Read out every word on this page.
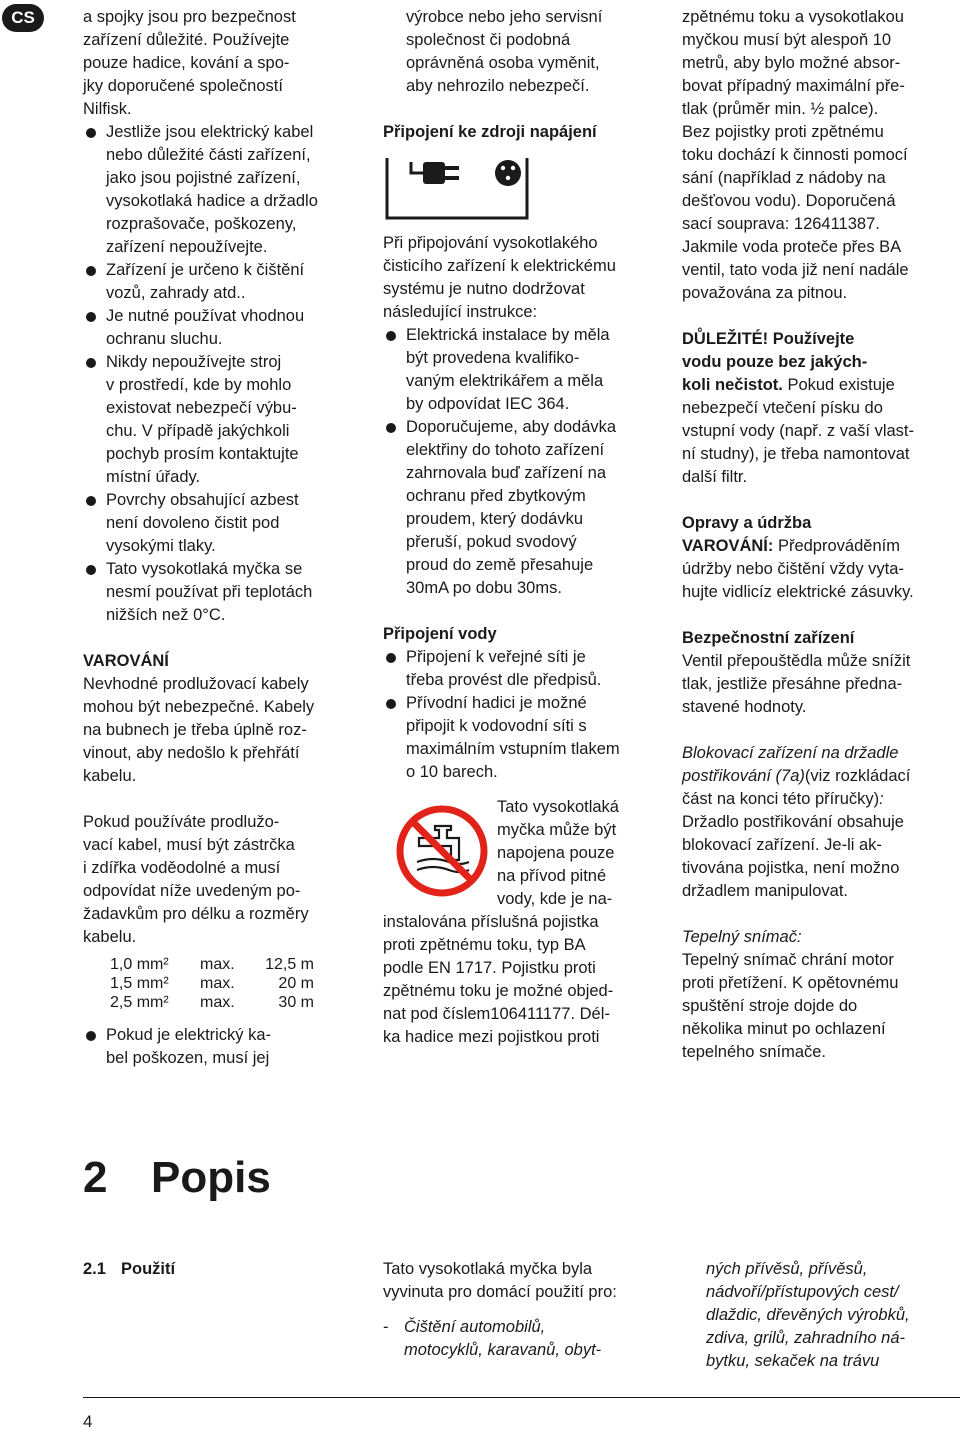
CS	a spojky jsou pro bezpečnost
zařízení důležité. Používejte
pouze hadice, kování a spo-
jky doporučené společností
Nilfisk.

Jestliže jsou elektrický kabel
nebo důležité části zařízení,
jako jsou pojistné zařízení,
vysokotlaká hadice a držadlo
rozprašovače, poškozeny,
zařízení nepoužívejte.
Zařízení je určeno k čištění
vozů, zahrady atd..
Je nutné používat vhodnou
ochranu sluchu.
Nikdy nepoužívejte stroj
v prostředí, kde by mohlo
existovat nebezpečí výbu-
chu. V případě jakýchkoli
pochyb prosím kontaktujte
místní úřady.
Povrchy obsahující azbest
není dovoleno čistit pod
vysokými tlaky.
Tato vysokotlaká myčka se
nesmí používat při teplotách
nižších než 0°C.

VAROVÁNÍ

Nevhodné prodlužovací kabely
mohou být nebezpečné. Kabely
na bubnech je třeba úplně roz-
vinout, aby nedošlo k přehřátí
kabelu.

Pokud používáte prodlužo-
vací kabel, musí být zástrčka
i zdířka voděodolné a musí
odpovídat níže uvedeným po-
žadavkům pro délku a rozměry
kabelu.

1,0 mm²	max.	12,5 m
1,5 mm²	max.	20 m
2,5 mm²	max.	30 m
Pokud je elektrický ka-
bel poškozen, musí jej

výrobce nebo jeho servisní
společnost či podobná
oprávněná osoba vyměnit,
aby nehrozilo nebezpečí.

Připojení ke zdroji napájení

Při připojování vysokotlakého
čisticího zařízení k elektrickému
systému je nutno dodržovat
následující instrukce:

Elektrická instalace by měla
být provedena kvalifiko-
vaným elektrikářem a měla
by odpovídat IEC 364.
Doporučujeme, aby dodávka
elektřiny do tohoto zařízení
zahrnovala buď zařízení na
ochranu před zbytkovým
proudem, který dodávku
přeruší, pokud svodový
proud do země přesahuje
30mA po dobu 30ms.

Připojení vody

Připojení k veřejné síti je
třeba provést dle předpisů.
Přívodní hadici je možné
připojit k vodovodní síti s
maximálním vstupním tlakem
o 10 barech.

Tato vysokotlaká
myčka může být
napojena pouze
na přívod pitné
vody, kde je na-

instalována příslušná pojistka
proti zpětnému toku, typ BA
podle EN 1717. Pojistku proti
zpětnému toku je možné objed-
nat pod číslem106411177. Dél-
ka hadice mezi pojistkou proti

zpětnému toku a vysokotlakou
myčkou musí být alespoň 10
metrů, aby bylo možné absor-
bovat případný maximální pře-
tlak (průměr min. ½ palce).
Bez pojistky proti zpětnému
toku dochází k činnosti pomocí
sání (například z nádoby na
dešťovou vodu). Doporučená
sací souprava: 126411387.
Jakmile voda proteče přes BA
ventil, tato voda již není nadále
považována za pitnou.

DŮLEŽITÉ! Používejte
vodu pouze bez jakých-
koli nečistot. Pokud existuje
nebezpečí vtečení písku do
vstupní vody (např. z vaší vlast-
ní studny), je třeba namontovat
další filtr.

Opravy a údržba

VAROVÁNÍ: Předprováděním
údržby nebo čištění vždy vyta-
hujte vidlicíz elektrické zásuvky.

Bezpečnostní zařízení

Ventil přepouštědla může snížit
tlak, jestliže přesáhne předna-
stavené hodnoty.

Blokovací zařízení na držadle
postřikování (7a)(viz rozkládací
část na konci této příručky):
Držadlo postřikování obsahuje
blokovací zařízení. Je-li ak-
tivována pojistka, není možno
držadlem manipulovat.

Tepelný snímač:

Tepelný snímač chrání motor
proti přetížení. K opětovnému
spuštění stroje dojde do
několika minut po ochlazení
tepelného snímače.

2 Popis
2.1 Použití	Tato vysokotlaká myčka byla
vyvinuta pro domácí použití pro:

- Čištění automobilů,
motocyklů, karavanů, obyt-
ných přívěsů, přívěsů,
nádvoří/přístupových cest/
dlaždic, dřevěných výrobků,
zdiva, grilů, zahradního ná-
bytku, sekaček na trávu
4
